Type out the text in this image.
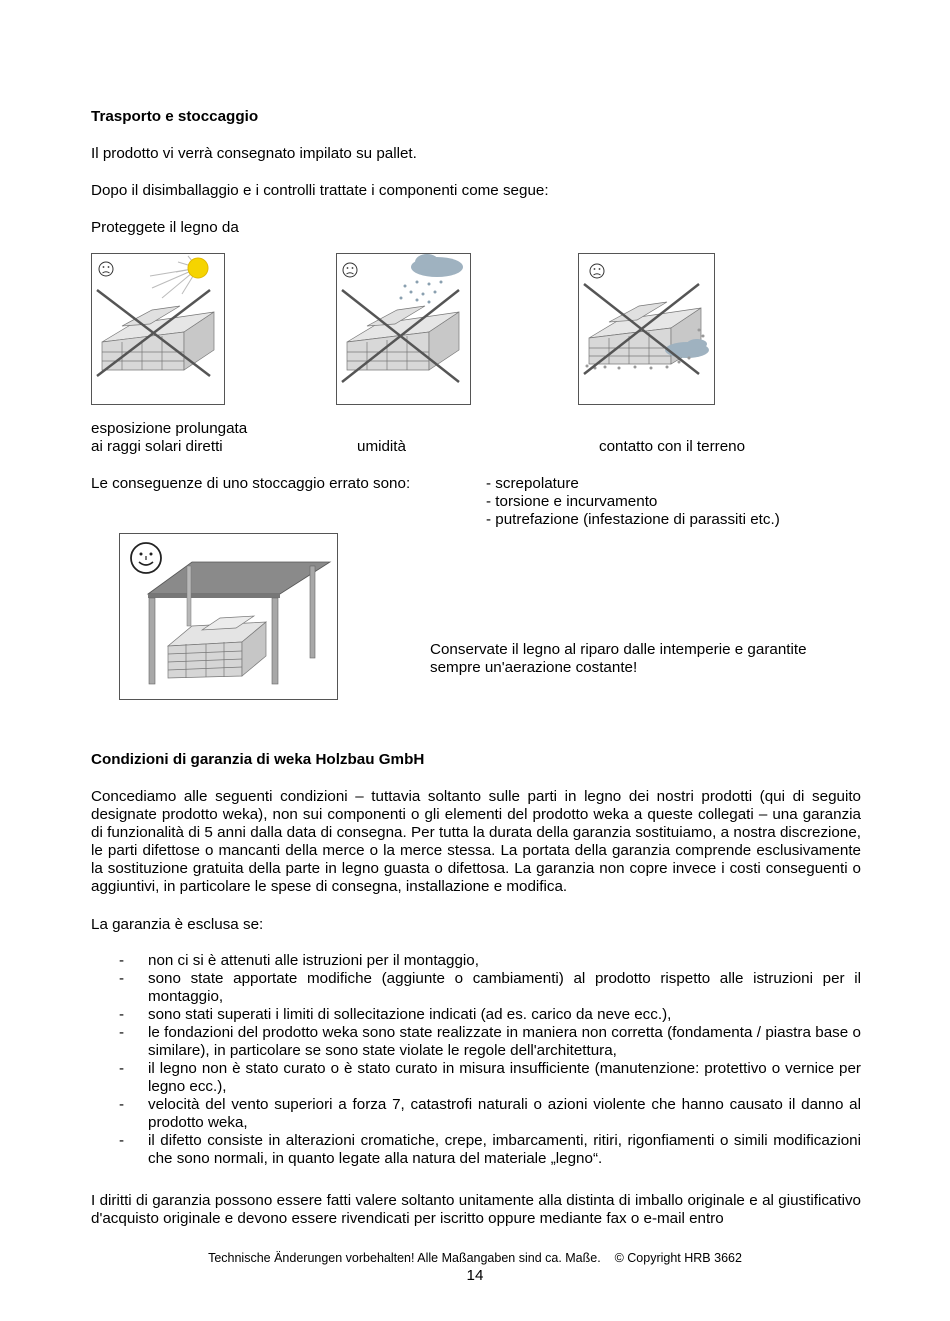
Trasporto e stoccaggio
Il prodotto vi verrà consegnato impilato su pallet.
Dopo il disimballaggio e i controlli trattate i componenti come segue:
Proteggete il legno da
esposizione prolungata
ai raggi solari diretti	umidità	contatto con il terreno
Le conseguenze di uno stoccaggio errato sono:	- screpolature
- torsione e incurvamento
- putrefazione (infestazione di parassiti etc.)
Conservate il legno al riparo dalle intemperie e garantite
sempre un'aerazione costante!
Condizioni di garanzia di weka Holzbau GmbH
Concediamo alle seguenti condizioni – tuttavia soltanto sulle parti in legno dei nostri prodotti (qui di seguito designate prodotto weka), non sui componenti o gli elementi del prodotto weka a queste collegati – una garanzia di funzionalità di 5 anni dalla data di consegna. Per tutta la durata della garanzia sostituiamo, a nostra discrezione, le parti difettose o mancanti della merce o la merce stessa. La portata della garanzia comprende esclusivamente la sostituzione gratuita della parte in legno guasta o difettosa. La garanzia non copre invece i costi conseguenti o aggiuntivi, in particolare le spese di consegna, installazione e modifica.
La garanzia è esclusa se:
- non ci si è attenuti alle istruzioni per il montaggio,
- sono state apportate modifiche (aggiunte o cambiamenti) al prodotto rispetto alle istruzioni per il montaggio,
- sono stati superati i limiti di sollecitazione indicati (ad es. carico da neve ecc.),
- le fondazioni del prodotto weka sono state realizzate in maniera non corretta (fondamenta / piastra base o similare), in particolare se sono state violate le regole dell'architettura,
- il legno non è stato curato o è stato curato in misura insufficiente (manutenzione: protettivo o vernice per legno ecc.),
- velocità del vento superiori a forza 7, catastrofi naturali o azioni violente che hanno causato il danno al prodotto weka,
- il difetto consiste in alterazioni cromatiche, crepe, imbarcamenti, ritiri, rigonfiamenti o simili modificazioni che sono normali, in quanto legate alla natura del materiale „legno“.
I diritti di garanzia possono essere fatti valere soltanto unitamente alla distinta di imballo originale e al giustificativo d'acquisto originale e devono essere rivendicati per iscritto oppure mediante fax o e-mail entro
Technische Änderungen vorbehalten! Alle Maßangaben sind ca. Maße. © Copyright HRB 3662
14
